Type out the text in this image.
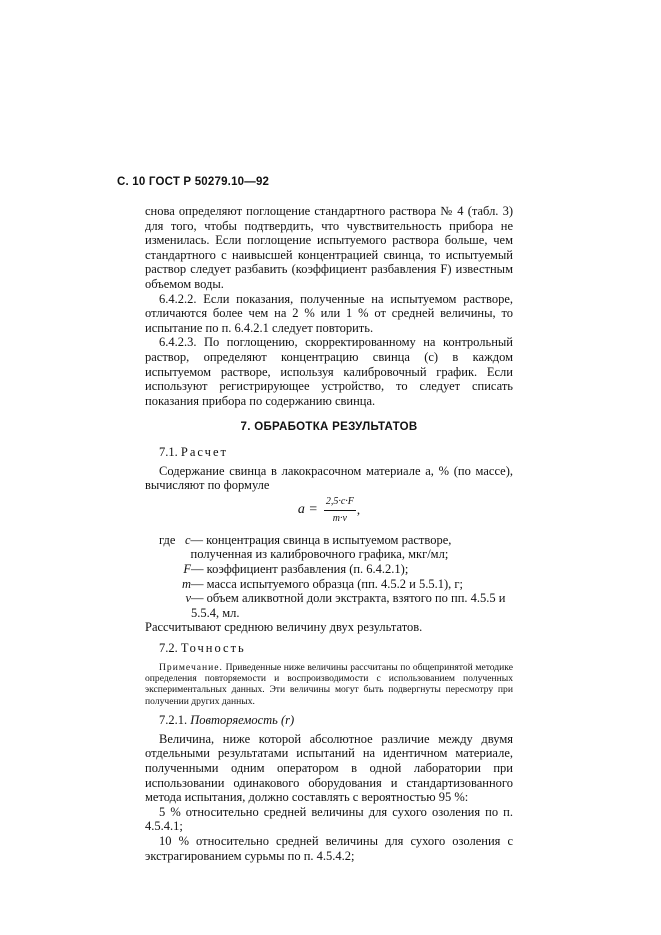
С. 10 ГОСТ Р 50279.10—92

снова определяют поглощение стандартного раствора № 4 (табл. 3) для того, чтобы подтвердить, что чувствительность прибора не изменилась. Если поглощение испытуемого раствора больше, чем стандартного с наивысшей концентрацией свинца, то испытуемый раствор следует разбавить (коэффициент разбавления F) известным объемом воды.

6.4.2.2. Если показания, полученные на испытуемом растворе, отличаются более чем на 2 % или 1 % от средней величины, то испытание по п. 6.4.2.1 следует повторить.

6.4.2.3. По поглощению, скорректированному на контрольный раствор, определяют концентрацию свинца (с) в каждом испытуемом растворе, используя калибровочный график. Если используют регистрирующее устройство, то следует списать показания прибора по содержанию свинца.

7. ОБРАБОТКА РЕЗУЛЬТАТОВ
7.1. Расчет

Содержание свинца в лакокрасочном материале а, % (по массе), вычисляют по формуле

$a = \frac{2,5\cdot c\cdot F}{m\cdot v}$ ,
где c — концентрация свинца в испытуемом растворе, полученная из калибровочного графика, мкг/мл;
F — коэффициент разбавления (п. 6.4.2.1);
m — масса испытуемого образца (пп. 4.5.2 и 5.5.1), г;
v — объем аликвотной доли экстракта, взятого по пп. 4.5.5 и 5.5.4, мл.

Рассчитывают среднюю величину двух результатов.

7.2. Точность

Примечание. Приведенные ниже величины рассчитаны по общепринятой методике определения повторяемости и воспроизводимости с использованием полученных экспериментальных данных. Эти величины могут быть подвергнуты пересмотру при получении других данных.

7.2.1. Повторяемость (r)

Величина, ниже которой абсолютное различие между двумя отдельными результатами испытаний на идентичном материале, полученными одним оператором в одной лаборатории при использовании одинакового оборудования и стандартизованного метода испытания, должно составлять с вероятностью 95 %:

5 % относительно средней величины для сухого озоления по п. 4.5.4.1;

10 % относительно средней величины для сухого озоления с экстрагированием сурьмы по п. 4.5.4.2;
